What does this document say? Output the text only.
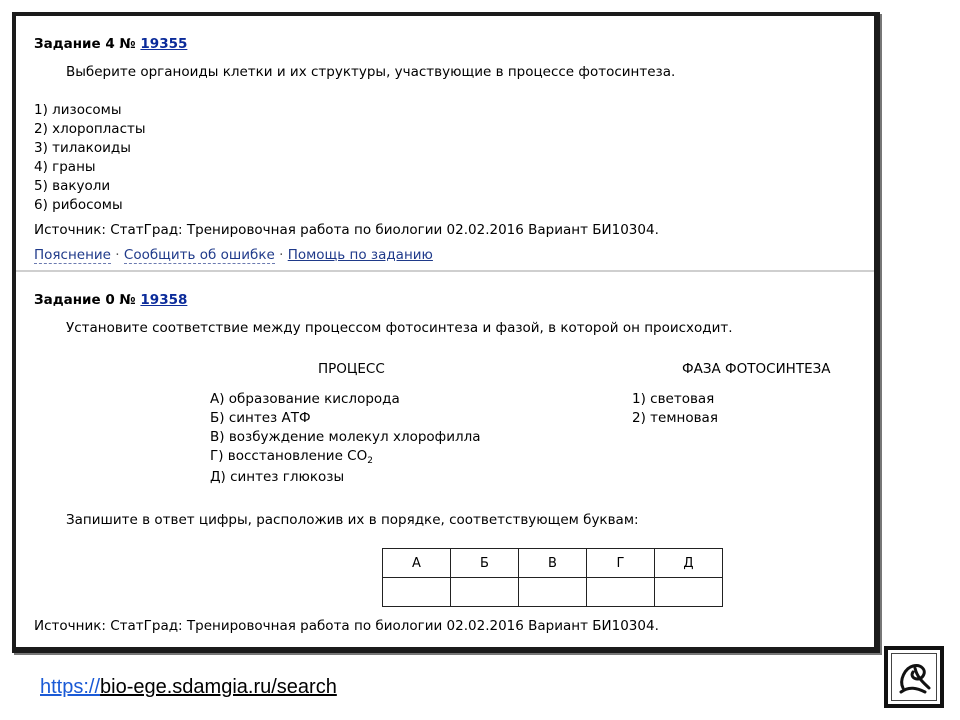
Задание 4 № 19355
Выберите органоиды клетки и их структуры, участвующие в процессе фотосинтеза.
1) лизосомы
2) хлоропласты
3) тилакоиды
4) граны
5) вакуоли
6) рибосомы
Источник: СтатГрад: Тренировочная работа по биологии 02.02.2016 Вариант БИ10304.
Пояснение · Сообщить об ошибке · Помощь по заданию
Задание 0 № 19358
Установите соответствие между процессом фотосинтеза и фазой, в которой он происходит.
ПРОЦЕСС	ФАЗА ФОТОСИНТЕЗА
А) образование кислорода
Б) синтез АТФ
В) возбуждение молекул хлорофилла
Г) восстановление $CO_2$
Д) синтез глюкозы
1) световая
2) темновая
Запишите в ответ цифры, расположив их в порядке, соответствующем буквам:
А	Б	В	Г	Д

Источник: СтатГрад: Тренировочная работа по биологии 02.02.2016 Вариант БИ10304.
https://bio-ege.sdamgia.ru/search
